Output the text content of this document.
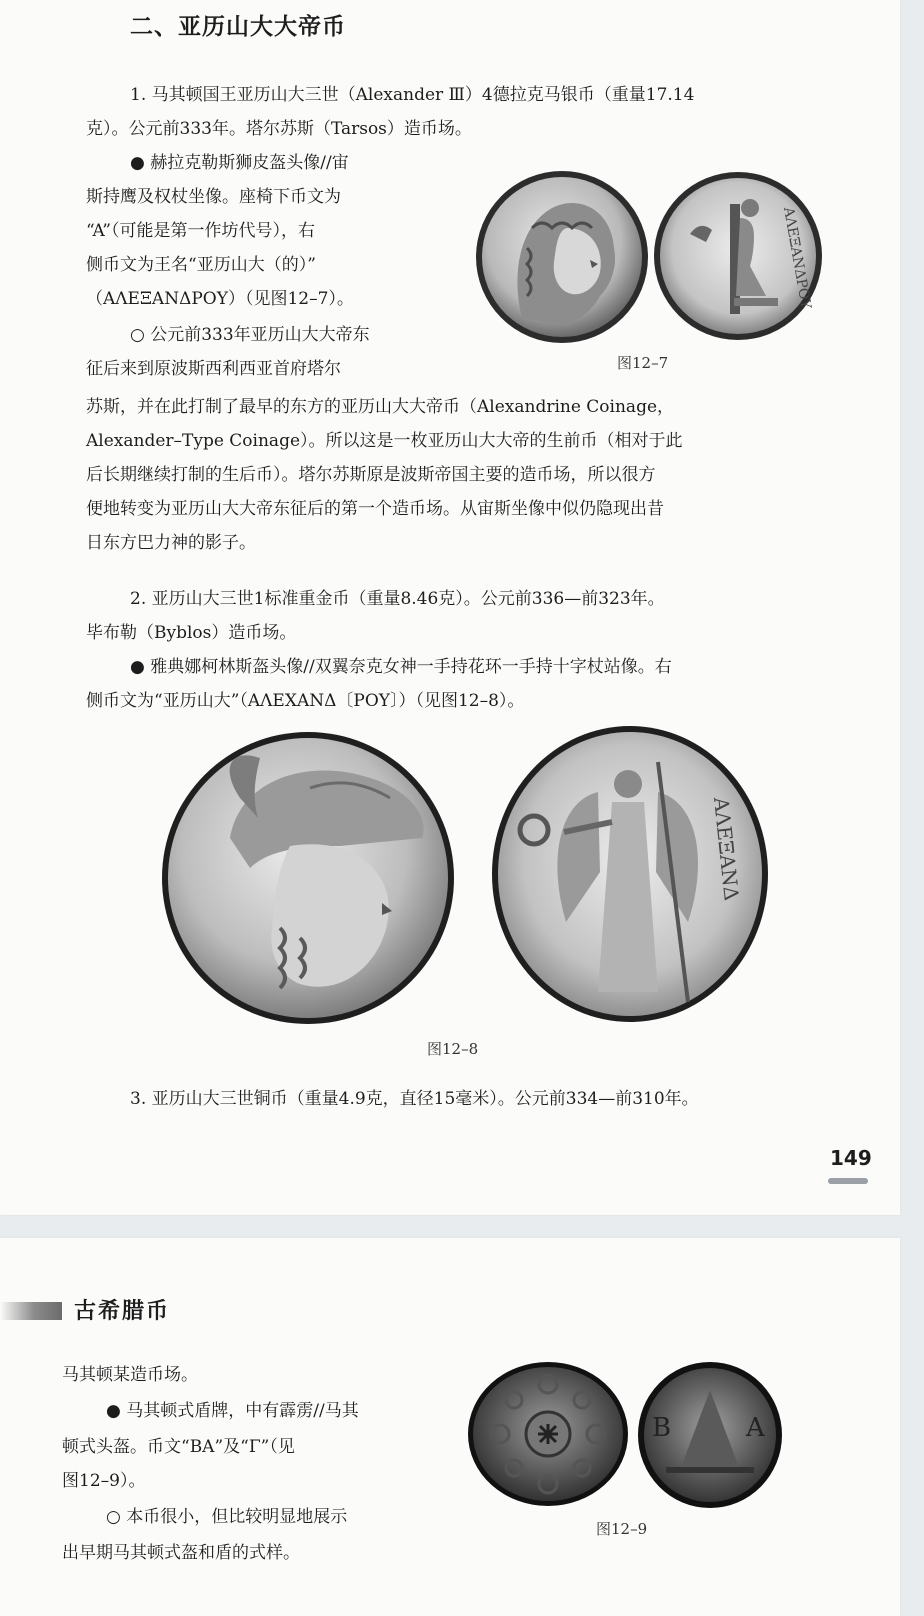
二、亚历山大大帝币
1. 马其顿国王亚历山大三世（Alexander Ⅲ）4德拉克马银币（重量17.14
克）。公元前333年。塔尔苏斯（Tarsos）造币场。
● 赫拉克勒斯狮皮盔头像//宙
斯持鹰及权杖坐像。座椅下币文为
“A”（可能是第一作坊代号），右
侧币文为王名“亚历山大（的）”
（ΑΛΕΞΑΝΔΡΟΥ）（见图12–7）。
○ 公元前333年亚历山大大帝东
征后来到原波斯西利西亚首府塔尔
苏斯，并在此打制了最早的东方的亚历山大大帝币（Alexandrine Coinage，
Alexander–Type Coinage）。所以这是一枚亚历山大大帝的生前币（相对于此
后长期继续打制的生后币）。塔尔苏斯原是波斯帝国主要的造币场，所以很方
便地转变为亚历山大大帝东征后的第一个造币场。从宙斯坐像中似仍隐现出昔
日东方巴力神的影子。
2. 亚历山大三世1标准重金币（重量8.46克）。公元前336—前323年。
毕布勒（Byblos）造币场。
● 雅典娜柯林斯盔头像//双翼奈克女神一手持花环一手持十字杖站像。右
侧币文为“亚历山大”（ΑΛΕΧΑΝΔ〔ΡΟΥ〕）（见图12–8）。
ΑΛΕΞΑΝΔΡΟΥ
图12–7
ΑΛΕΞΑΝΔ
图12–8
3. 亚历山大三世铜币（重量4.9克，直径15毫米）。公元前334—前310年。
149
古希腊币
马其顿某造币场。
● 马其顿式盾牌，中有霹雳//马其
顿式头盔。币文“ΒΑ”及“Γ”（见
图12–9）。
○ 本币很小，但比较明显地展示
出早期马其顿式盔和盾的式样。
Β	Α
图12–9
